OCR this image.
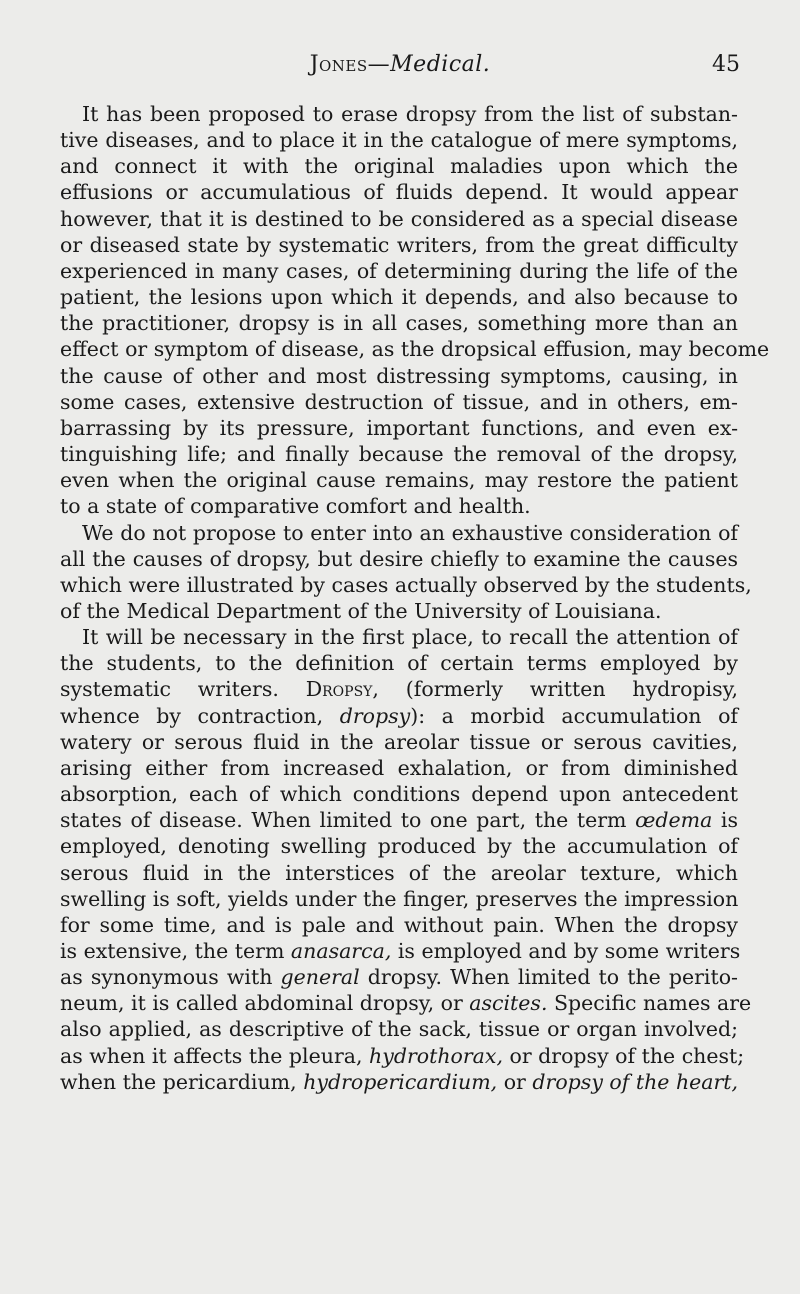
Jones—Medical.	45
It has been proposed to erase dropsy from the list of substan-
tive diseases, and to place it in the catalogue of mere symptoms,
and connect it with the original maladies upon which the
effusions or accumulatious of fluids depend. It would appear
however, that it is destined to be considered as a special disease
or diseased state by systematic writers, from the great difficulty
experienced in many cases, of determining during the life of the
patient, the lesions upon which it depends, and also because to
the practitioner, dropsy is in all cases, something more than an
effect or symptom of disease, as the dropsical effusion, may become
the cause of other and most distressing symptoms, causing, in
some cases, extensive destruction of tissue, and in others, em-
barrassing by its pressure, important functions, and even ex-
tinguishing life; and finally because the removal of the dropsy,
even when the original cause remains, may restore the patient
to a state of comparative comfort and health.
We do not propose to enter into an exhaustive consideration of
all the causes of dropsy, but desire chiefly to examine the causes
which were illustrated by cases actually observed by the students,
of the Medical Department of the University of Louisiana.
It will be necessary in the first place, to recall the attention of
the students, to the definition of certain terms employed by
systematic writers. Dropsy, (formerly written hydropisy,
whence by contraction, dropsy): a morbid accumulation of
watery or serous fluid in the areolar tissue or serous cavities,
arising either from increased exhalation, or from diminished
absorption, each of which conditions depend upon antecedent
states of disease. When limited to one part, the term œdema is
employed, denoting swelling produced by the accumulation of
serous fluid in the interstices of the areolar texture, which
swelling is soft, yields under the finger, preserves the impression
for some time, and is pale and without pain. When the dropsy
is extensive, the term anasarca, is employed and by some writers
as synonymous with general dropsy. When limited to the perito-
neum, it is called abdominal dropsy, or ascites. Specific names are
also applied, as descriptive of the sack, tissue or organ involved;
as when it affects the pleura, hydrothorax, or dropsy of the chest;
when the pericardium, hydropericardium, or dropsy of the heart,
